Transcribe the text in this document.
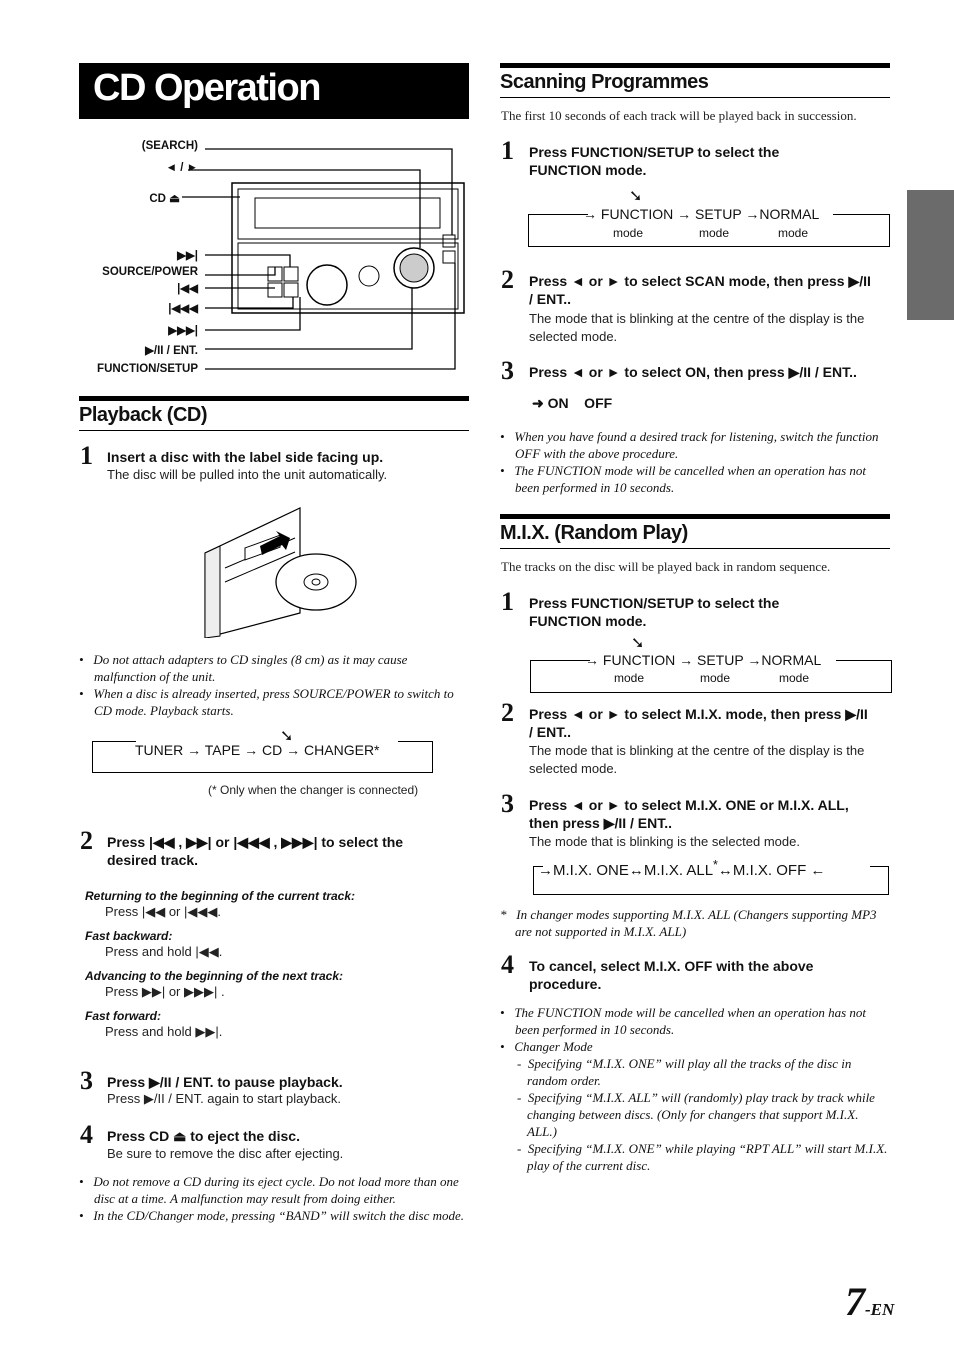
CD Operation
(SEARCH)
◄ / ►
CD ⏏
▶▶|
SOURCE/POWER
|◀◀
|◀◀◀
▶▶▶|
▶/II / ENT.
FUNCTION/SETUP
Playback (CD)
1 Insert a disc with the label side facing up.
The disc will be pulled into the unit automatically.
•   Do not attach adapters to CD singles (8 cm) as it may cause malfunction of the unit.
•   When a disc is already inserted, press SOURCE/POWER to switch to CD mode. Playback starts.
➘
TUNER → TAPE → CD → CHANGER*
(* Only when the changer is connected)
2 Press |◀◀ , ▶▶| or |◀◀◀ , ▶▶▶| to select the desired track.
Returning to the beginning of the current track:
Press |◀◀ or |◀◀◀.
Fast backward:
Press and hold |◀◀.
Advancing to the beginning of the next track:
Press ▶▶| or ▶▶▶| .
Fast forward:
Press and hold ▶▶|.
3 Press ▶/II / ENT. to pause playback.
Press ▶/II / ENT. again to start playback.
4 Press CD ⏏ to eject the disc.
Be sure to remove the disc after ejecting.
•   Do not remove a CD during its eject cycle. Do not load more than one disc at a time. A malfunction may result from doing either.
•   In the CD/Changer mode, pressing “BAND” will switch the disc mode.
Scanning Programmes
The first 10 seconds of each track will be played back in succession.
1 Press FUNCTION/SETUP to select the FUNCTION mode.
➘
→ FUNCTION → SETUP →NORMAL
mode	mode	mode
2 Press ◄ or ► to select SCAN mode, then press ▶/II / ENT..
The mode that is blinking at the centre of the display is the selected mode.
3 Press ◄ or ► to select ON, then press ▶/II / ENT..
➜ ON    OFF
•   When you have found a desired track for listening, switch the function OFF with the above procedure.
•   The FUNCTION mode will be cancelled when an operation has not been performed in 10 seconds.
M.I.X. (Random Play)
The tracks on the disc will be played back in random sequence.
1 Press FUNCTION/SETUP to select the FUNCTION mode.
➘
→ FUNCTION → SETUP →NORMAL
mode	mode	mode
2 Press ◄ or ► to select M.I.X. mode, then press ▶/II / ENT..
The mode that is blinking at the centre of the display is the selected mode.
3 Press ◄ or ► to select M.I.X. ONE or M.I.X. ALL, then press ▶/II / ENT..
The mode that is blinking is the selected mode.
→M.I.X. ONE↔M.I.X. ALL*↔M.I.X. OFF ←
*   In changer modes supporting M.I.X. ALL (Changers supporting MP3 are not supported in M.I.X. ALL)
4 To cancel, select M.I.X. OFF with the above procedure.
•   The FUNCTION mode will be cancelled when an operation has not been performed in 10 seconds.
•   Changer Mode
-  Specifying “M.I.X. ONE” will play all the tracks of the disc in random order.
-  Specifying “M.I.X. ALL” will (randomly) play track by track while changing between discs. (Only for changers that support M.I.X. ALL.)
-  Specifying “M.I.X. ONE” while playing “RPT ALL” will start M.I.X. play of the current disc.
7-EN
